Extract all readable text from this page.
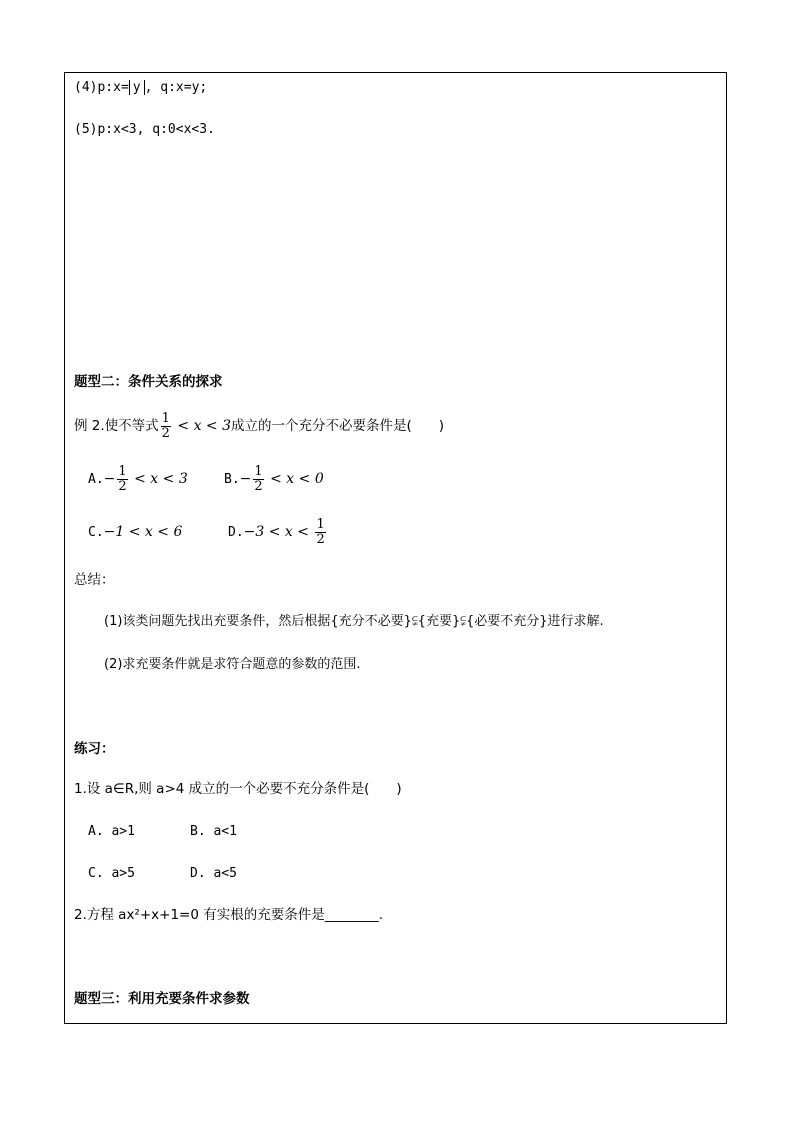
(4)p:x= y , q:x=y;
(5)p:x<3, q:0<x<3.
题型二：条件关系的探求
例 2.使不等式 $\frac{1}{2} < x < 3$成立的一个充分不必要条件是(　　)
$A.- \frac{1}{2} < x < 3$	$B.- \frac{1}{2} < x < 0$
C.−1 < x < 6	$D.-3 < x < \frac{1}{2}$
总结：
(1)该类问题先找出充要条件，然后根据{充分不必要}⫋{充要}⫋{必要不充分}进行求解.
(2)求充要条件就是求符合题意的参数的范围.
练习：
1.设 a∈R,则 a>4 成立的一个必要不充分条件是(　　)
A. a>1	B. a<1
C. a>5	D. a<5
2.方程 ax²+x+1=0 有实根的充要条件是________.
题型三：利用充要条件求参数
